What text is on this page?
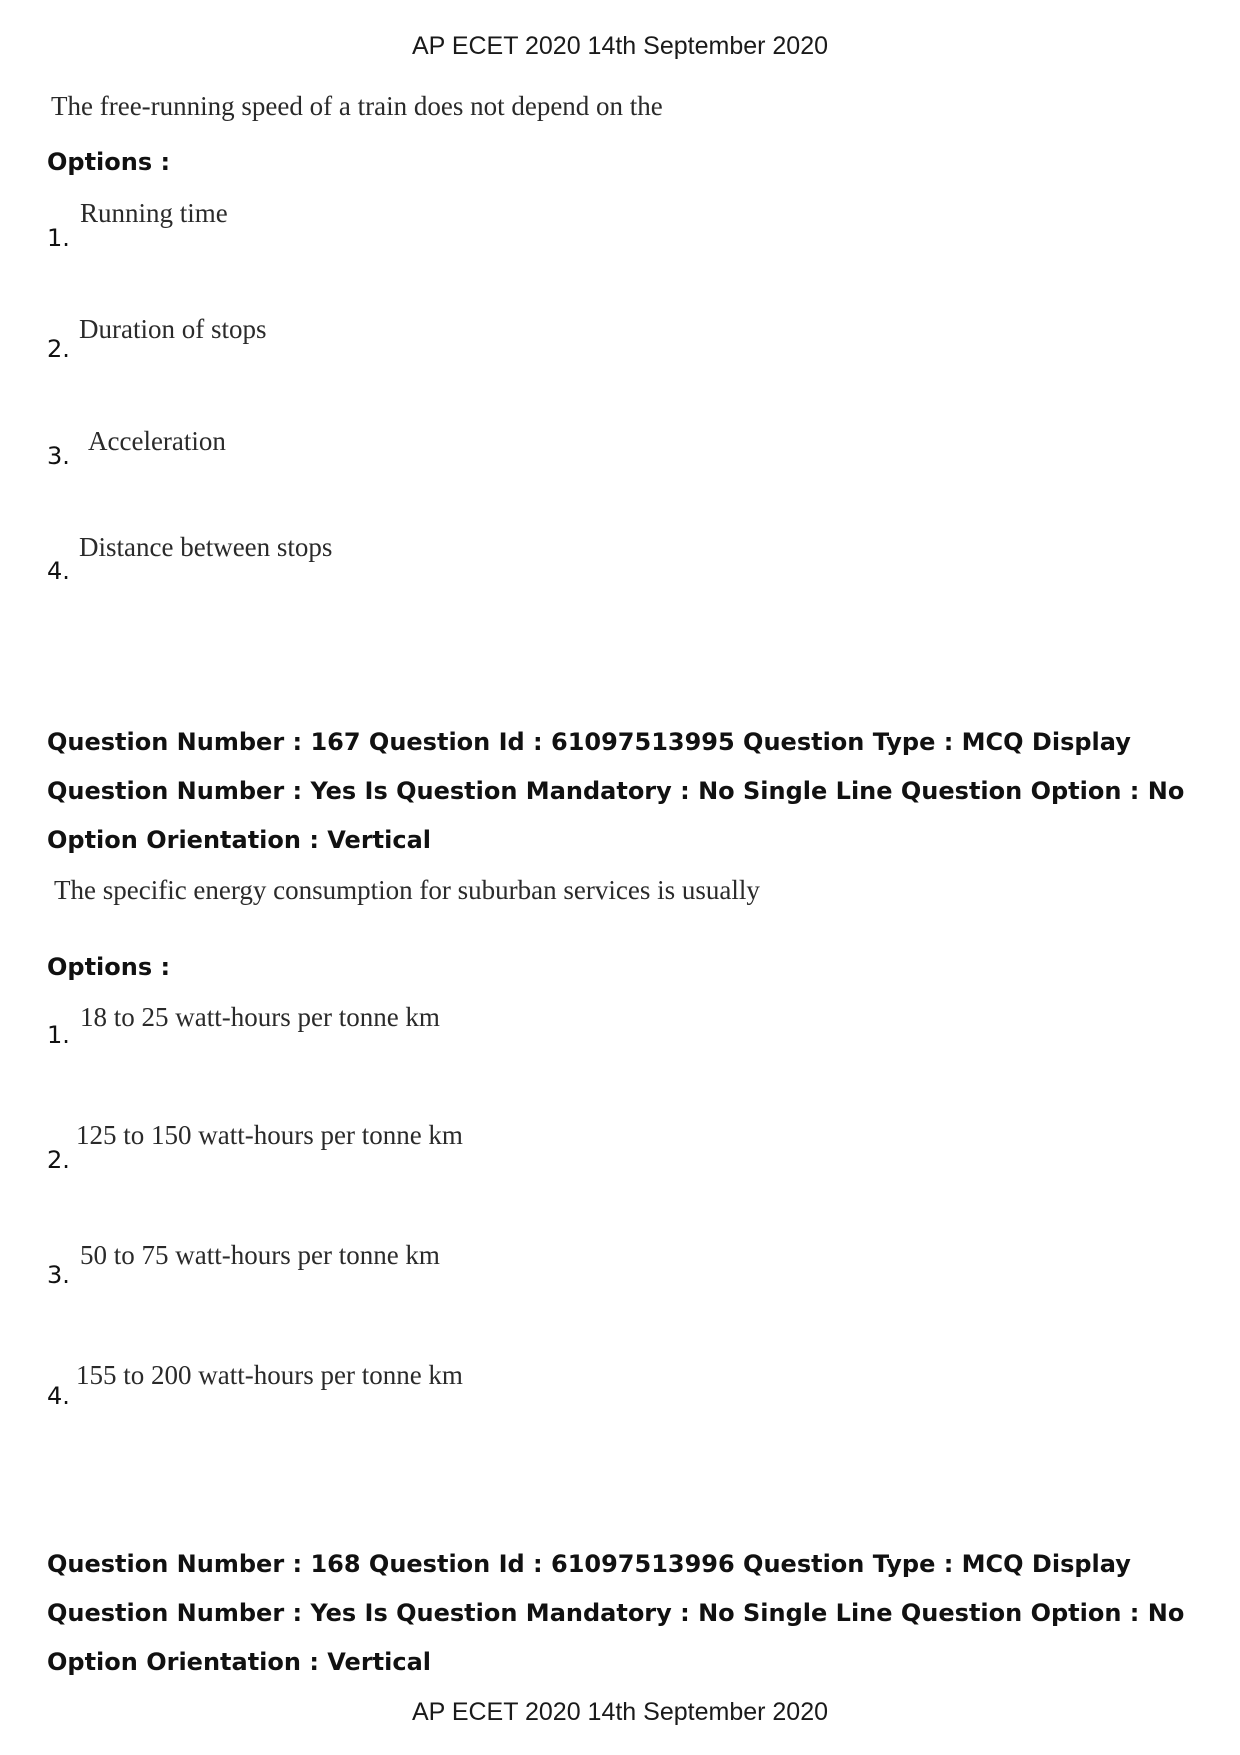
AP ECET 2020 14th September 2020
The free-running speed of a train does not depend on the
Options :
1.
Running time
2.
Duration of stops
3. Acceleration
4.
Distance between stops
Question Number : 167 Question Id : 61097513995 Question Type : MCQ Display Question Number : Yes Is Question Mandatory : No Single Line Question Option : No Option Orientation : Vertical
The specific energy consumption for suburban services is usually
Options :
1.
18 to 25 watt-hours per tonne km
2.
125 to 150 watt-hours per tonne km
3.
50 to 75 watt-hours per tonne km
4.
155 to 200 watt-hours per tonne km
Question Number : 168 Question Id : 61097513996 Question Type : MCQ Display Question Number : Yes Is Question Mandatory : No Single Line Question Option : No Option Orientation : Vertical
AP ECET 2020 14th September 2020
